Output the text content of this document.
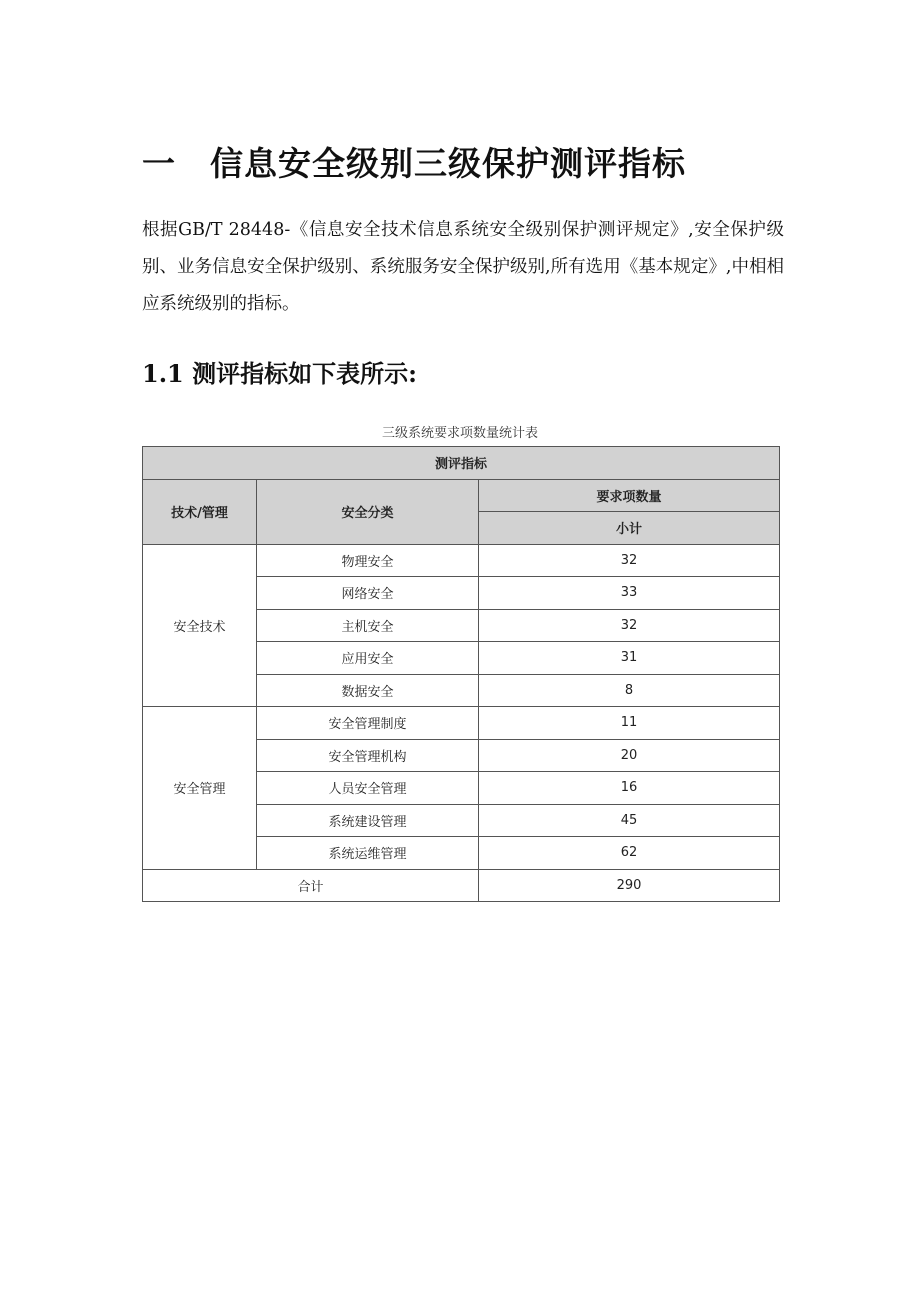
一 信息安全级别三级保护测评指标

根据GB/T 28448-《信息安全技术信息系统安全级别保护测评规定》,安全保护级别、业务信息安全保护级别、系统服务安全保护级别,所有选用《基本规定》,中相相应系统级别的指标。

1.1 测评指标如下表所示:
三级系统要求项数量统计表
测评指标		
技术/管理	安全分类	要求项数量
		小计
安全技术	物理安全	32
	网络安全	33
	主机安全	32
	应用安全	31
	数据安全	8
安全管理	安全管理制度	11
	安全管理机构	20
	人员安全管理	16
	系统建设管理	45
	系统运维管理	62
合计		290
